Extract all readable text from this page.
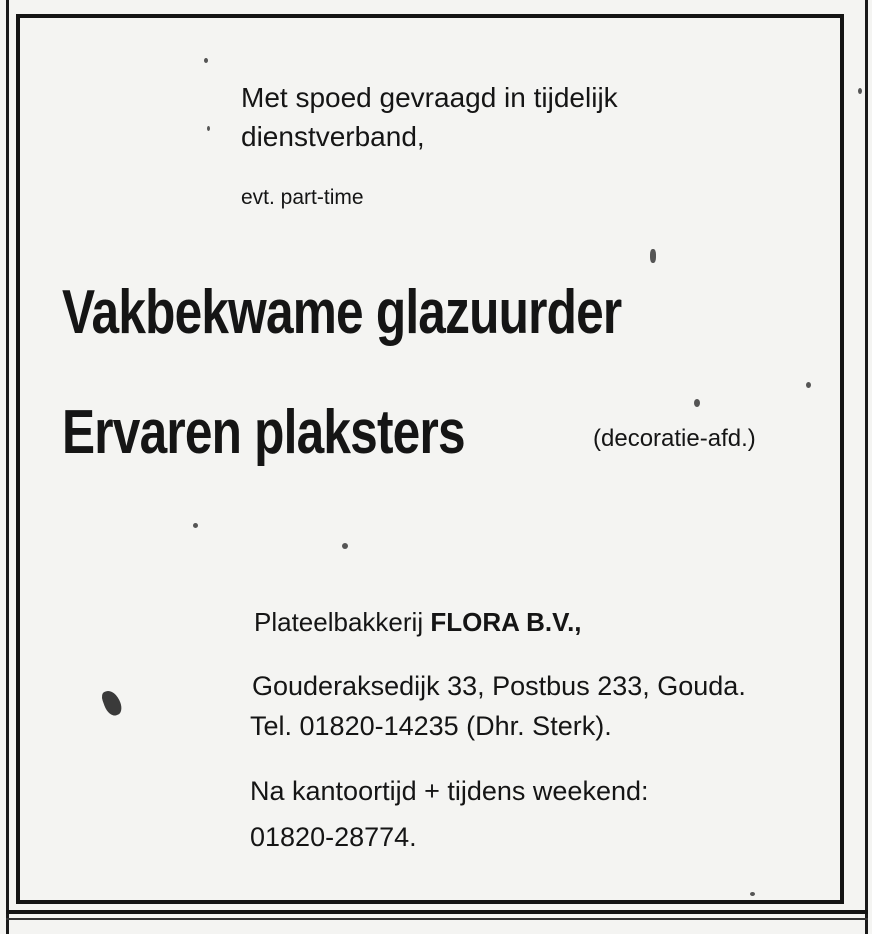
Met spoed gevraagd in tijdelijk
dienstverband,

evt. part-time

Vakbekwame glazuurder

Ervaren plaksters	(decoratie-afd.)

Plateelbakkerij FLORA B.V.,

Gouderaksedijk 33, Postbus 233, Gouda.

Tel. 01820-14235 (Dhr. Sterk).

Na kantoortijd + tijdens weekend:

01820-28774.
